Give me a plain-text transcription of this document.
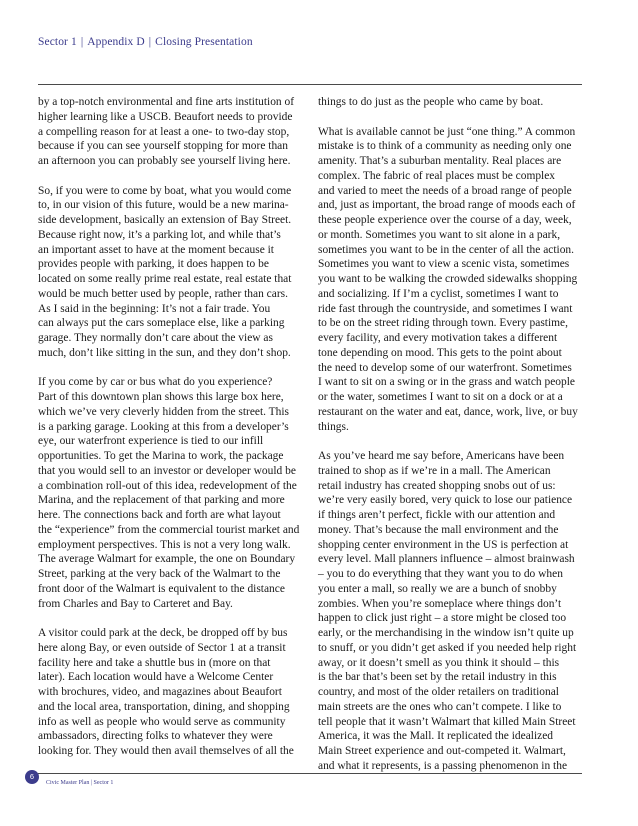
Sector 1 | Appendix D | Closing Presentation

by a top-notch environmental and fine arts institution of
higher learning like a USCB. Beaufort needs to provide
a compelling reason for at least a one- to two-day stop,
because if you can see yourself stopping for more than
an afternoon you can probably see yourself living here.

So, if you were to come by boat, what you would come
to, in our vision of this future, would be a new marina-
side development, basically an extension of Bay Street.
Because right now, it’s a parking lot, and while that’s
an important asset to have at the moment because it
provides people with parking, it does happen to be
located on some really prime real estate, real estate that
would be much better used by people, rather than cars.
As I said in the beginning: It’s not a fair trade. You
can always put the cars someplace else, like a parking
garage. They normally don’t care about the view as
much, don’t like sitting in the sun, and they don’t shop.

If you come by car or bus what do you experience?
Part of this downtown plan shows this large box here,
which we’ve very cleverly hidden from the street. This
is a parking garage. Looking at this from a developer’s
eye, our waterfront experience is tied to our infill
opportunities. To get the Marina to work, the package
that you would sell to an investor or developer would be
a combination roll-out of this idea, redevelopment of the
Marina, and the replacement of that parking and more
here. The connections back and forth are what layout
the “experience” from the commercial tourist market and
employment perspectives. This is not a very long walk.
The average Walmart for example, the one on Boundary
Street, parking at the very back of the Walmart to the
front door of the Walmart is equivalent to the distance
from Charles and Bay to Carteret and Bay.

A visitor could park at the deck, be dropped off by bus
here along Bay, or even outside of Sector 1 at a transit
facility here and take a shuttle bus in (more on that
later). Each location would have a Welcome Center
with brochures, video, and magazines about Beaufort
and the local area, transportation, dining, and shopping
info as well as people who would serve as community
ambassadors, directing folks to whatever they were
looking for. They would then avail themselves of all the

things to do just as the people who came by boat.

What is available cannot be just “one thing.” A common
mistake is to think of a community as needing only one
amenity. That’s a suburban mentality. Real places are
complex. The fabric of real places must be complex
and varied to meet the needs of a broad range of people
and, just as important, the broad range of moods each of
these people experience over the course of a day, week,
or month. Sometimes you want to sit alone in a park,
sometimes you want to be in the center of all the action.
Sometimes you want to view a scenic vista, sometimes
you want to be walking the crowded sidewalks shopping
and socializing. If I’m a cyclist, sometimes I want to
ride fast through the countryside, and sometimes I want
to be on the street riding through town. Every pastime,
every facility, and every motivation takes a different
tone depending on mood. This gets to the point about
the need to develop some of our waterfront. Sometimes
I want to sit on a swing or in the grass and watch people
or the water, sometimes I want to sit on a dock or at a
restaurant on the water and eat, dance, work, live, or buy
things.

As you’ve heard me say before, Americans have been
trained to shop as if we’re in a mall. The American
retail industry has created shopping snobs out of us:
we’re very easily bored, very quick to lose our patience
if things aren’t perfect, fickle with our attention and
money. That’s because the mall environment and the
shopping center environment in the US is perfection at
every level. Mall planners influence – almost brainwash
– you to do everything that they want you to do when
you enter a mall, so really we are a bunch of snobby
zombies. When you’re someplace where things don’t
happen to click just right – a store might be closed too
early, or the merchandising in the window isn’t quite up
to snuff, or you didn’t get asked if you needed help right
away, or it doesn’t smell as you think it should – this
is the bar that’s been set by the retail industry in this
country, and most of the older retailers on traditional
main streets are the ones who can’t compete. I like to
tell people that it wasn’t Walmart that killed Main Street
America, it was the Mall. It replicated the idealized
Main Street experience and out-competed it. Walmart,
and what it represents, is a passing phenomenon in the

6
Civic Master Plan | Sector 1
